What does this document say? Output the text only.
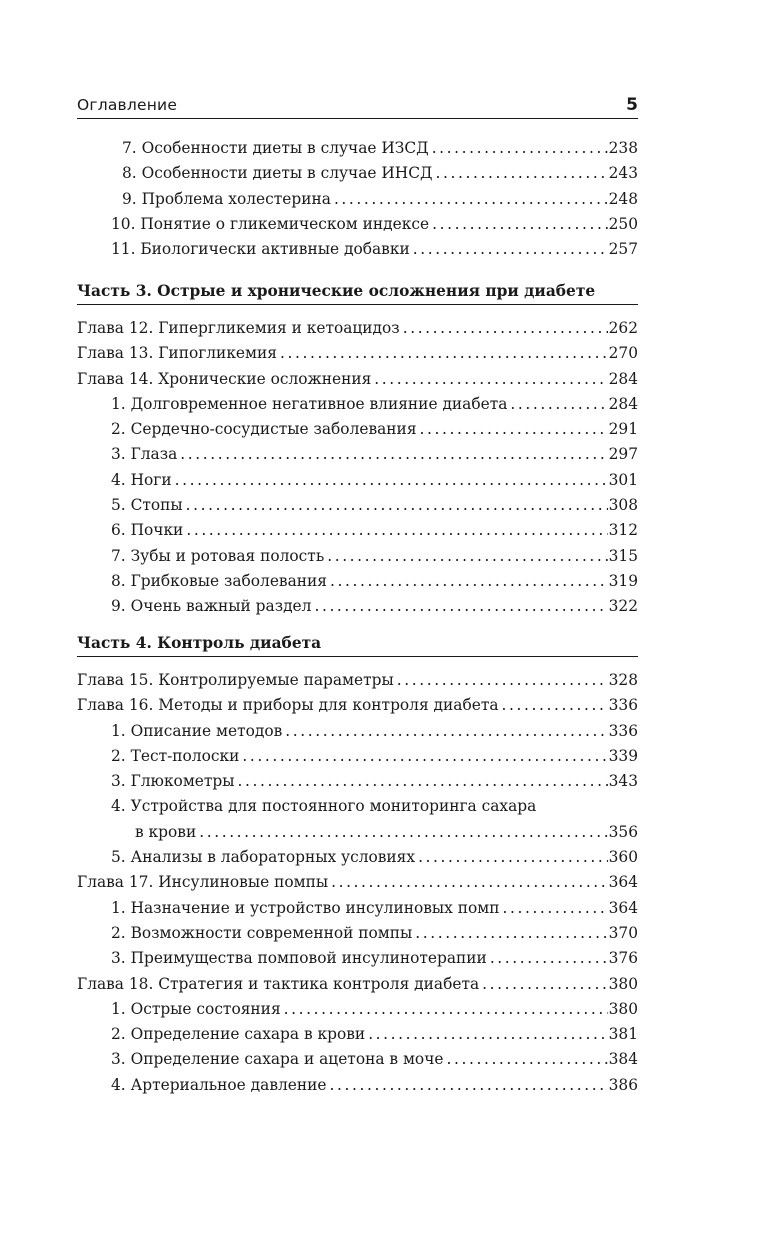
Оглавление	5
7. Особенности диеты в случае ИЗСД .....	238
8. Особенности диеты в случае ИНСД .....	243
9. Проблема холестерина .....	248
10. Понятие о гликемическом индексе .....	250
11. Биологически активные добавки .....	257
Часть 3. Острые и хронические осложнения при диабете
Глава 12. Гипергликемия и кетоацидоз .....	262
Глава 13. Гипогликемия .....	270
Глава 14. Хронические осложнения .....	284
1. Долговременное негативное влияние диабета .....	284
2. Сердечно-сосудистые заболевания .....	291
3. Глаза .....	297
4. Ноги .....	301
5. Стопы .....	308
6. Почки .....	312
7. Зубы и ротовая полость .....	315
8. Грибковые заболевания .....	319
9. Очень важный раздел .....	322
Часть 4. Контроль диабета
Глава 15. Контролируемые параметры .....	328
Глава 16. Методы и приборы для контроля диабета .....	336
1. Описание методов .....	336
2. Тест-полоски .....	339
3. Глюкометры .....	343
4. Устройства для постоянного мониторинга сахара
в крови .....	356
5. Анализы в лабораторных условиях .....	360
Глава 17. Инсулиновые помпы .....	364
1. Назначение и устройство инсулиновых помп .....	364
2. Возможности современной помпы .....	370
3. Преимущества помповой инсулинотерапии .....	376
Глава 18. Стратегия и тактика контроля диабета .....	380
1. Острые состояния .....	380
2. Определение сахара в крови .....	381
3. Определение сахара и ацетона в моче .....	384
4. Артериальное давление .....	386
